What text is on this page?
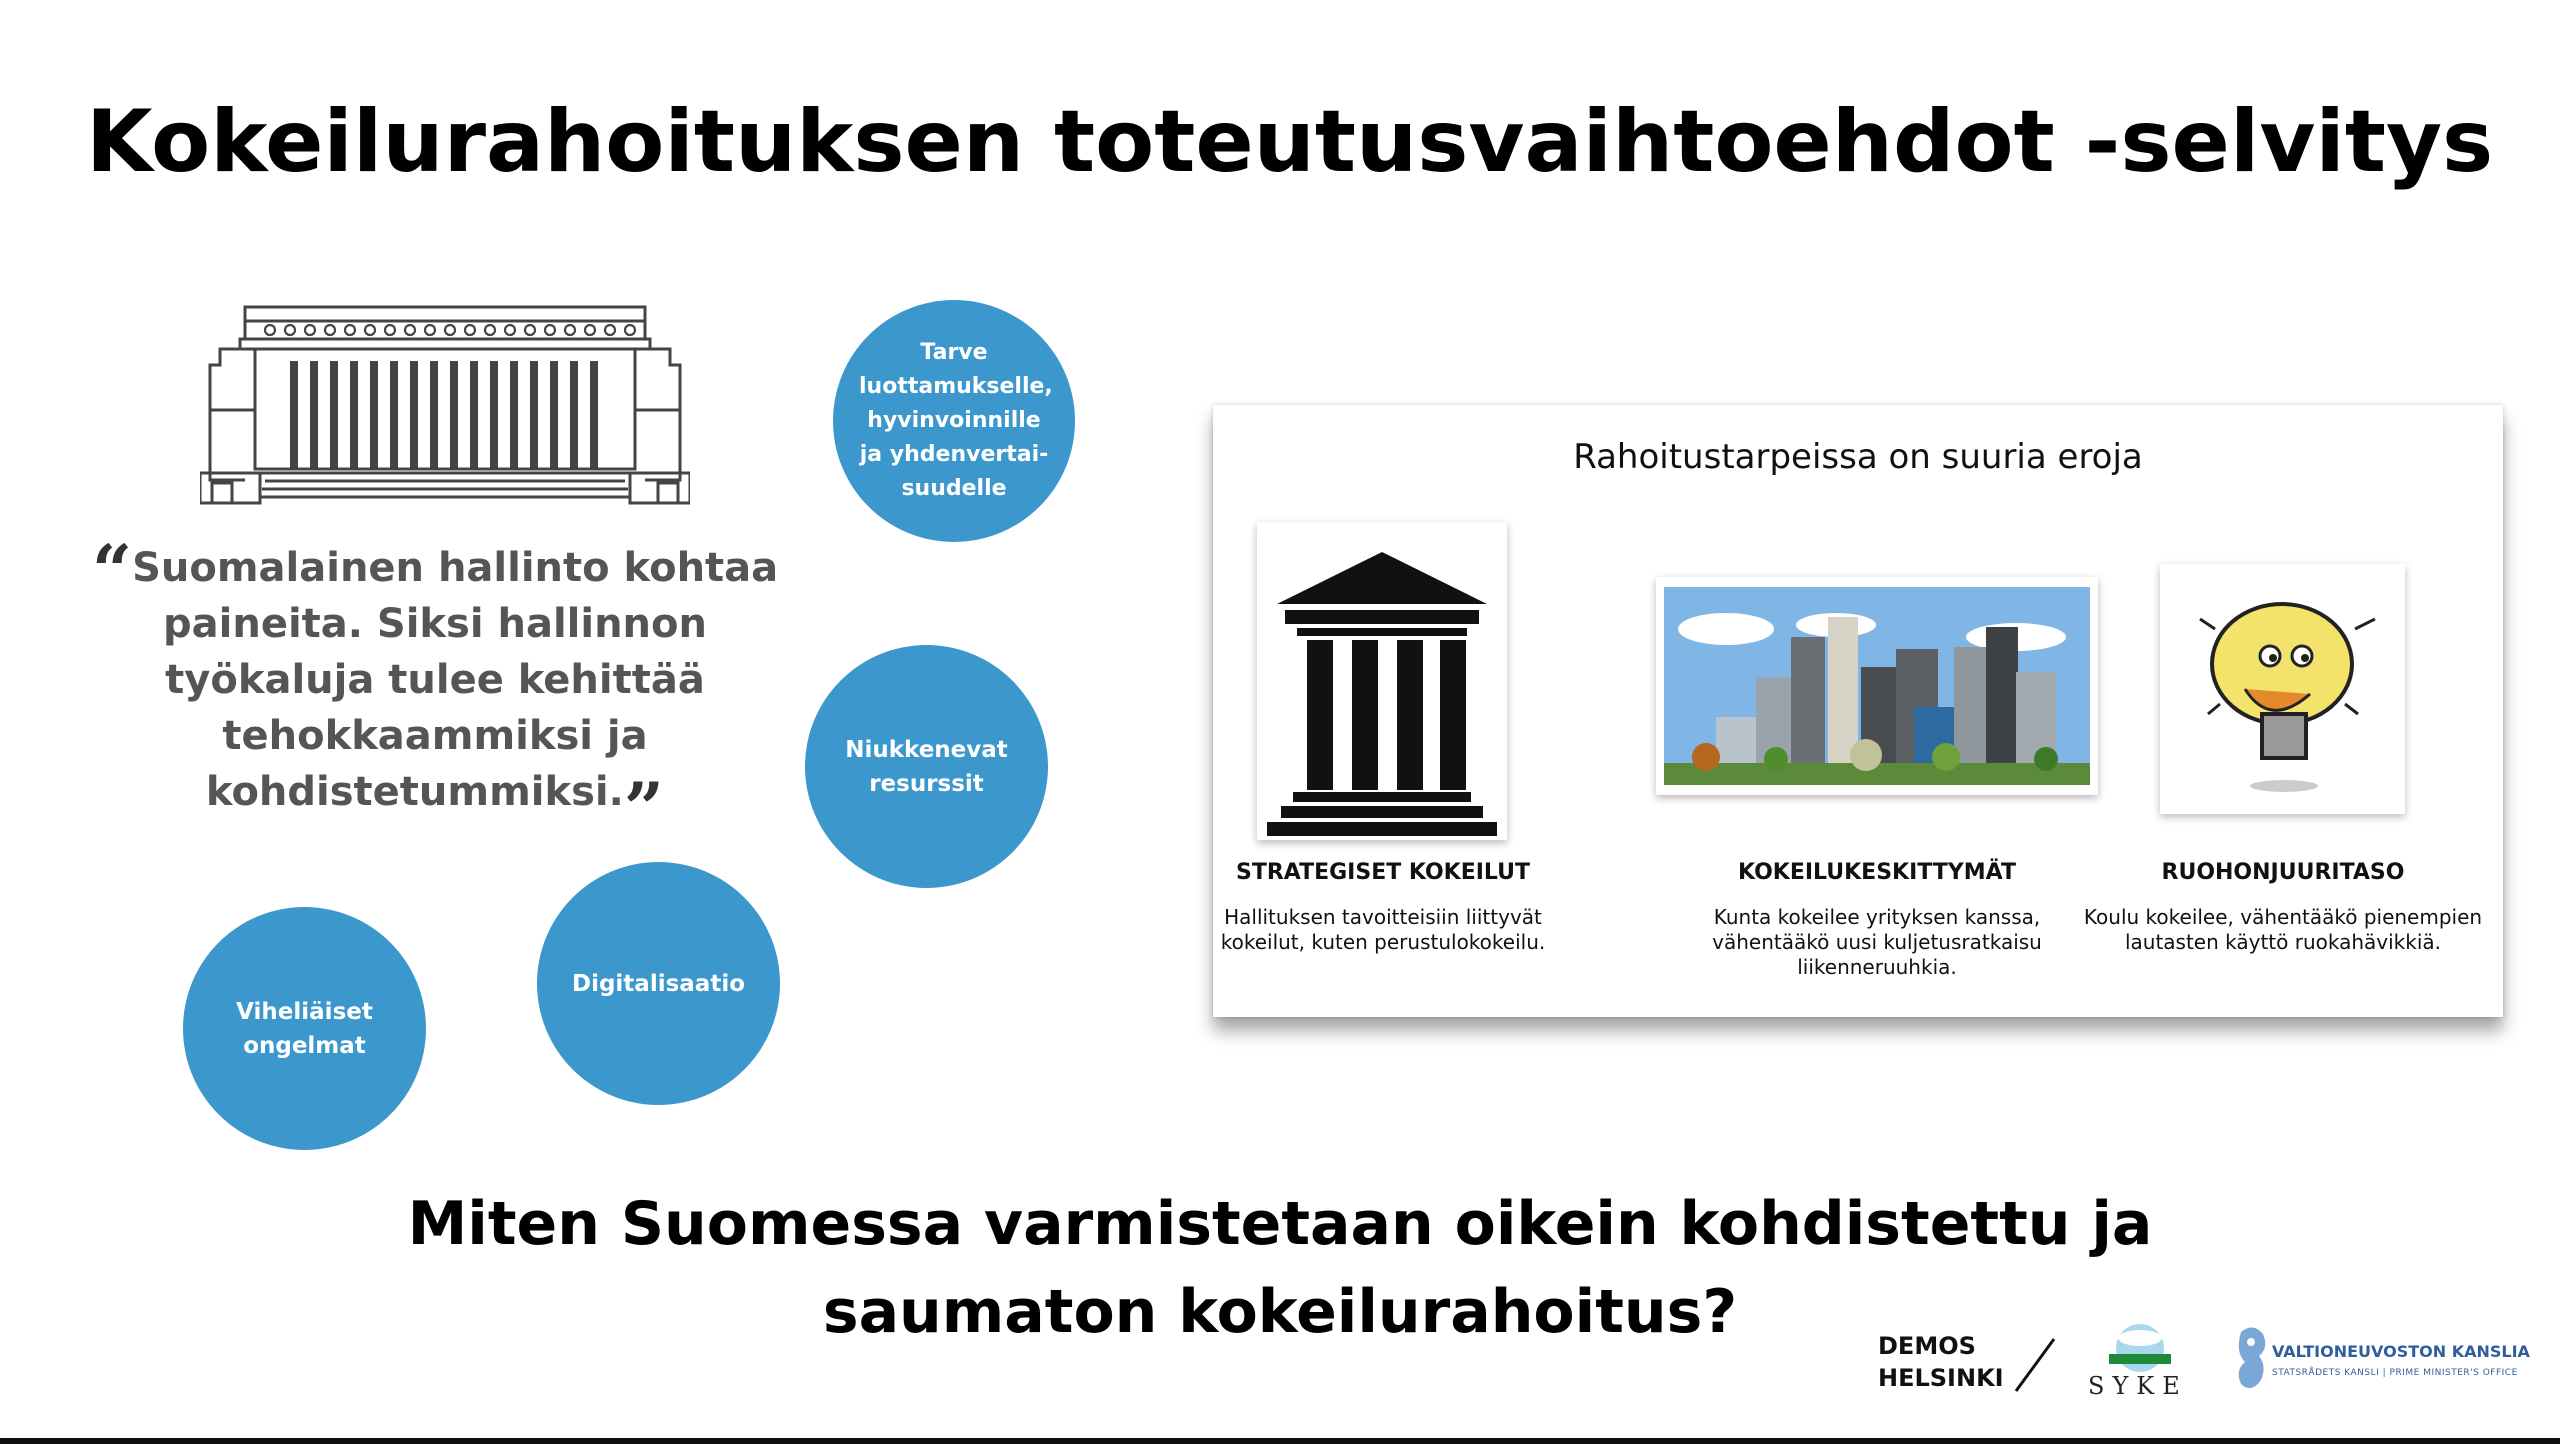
Kokeilurahoituksen toteutusvaihtoehdot -selvitys
“Suomalainen hallinto kohtaa paineita. Siksi hallinnon työkaluja tulee kehittää tehokkaammiksi ja kohdistetummiksi.”
Tarve luottamukselle, hyvinvoinnille ja yhdenvertai-suudelle
Niukkenevat resurssit
Digitalisaatio
Viheliäiset ongelmat
Rahoitustarpeissa on suuria eroja
STRATEGISET KOKEILUT
Hallituksen tavoitteisiin liittyvät kokeilut, kuten perustulokokeilu.
KOKEILUKESKITTYMÄT
Kunta kokeilee yrityksen kanssa, vähentääkö uusi kuljetusratkaisu liikenneruuhkia.
RUOHONJUURITASO
Koulu kokeilee, vähentääkö pienempien lautasten käyttö ruokahävikkiä.
Miten Suomessa varmistetaan oikein kohdistettu ja saumaton kokeilurahoitus?	DEMOS
HELSINKI	SYKE
VALTIONEUVOSTON KANSLIA
STATSRÅDETS KANSLI | PRIME MINISTER'S OFFICE
